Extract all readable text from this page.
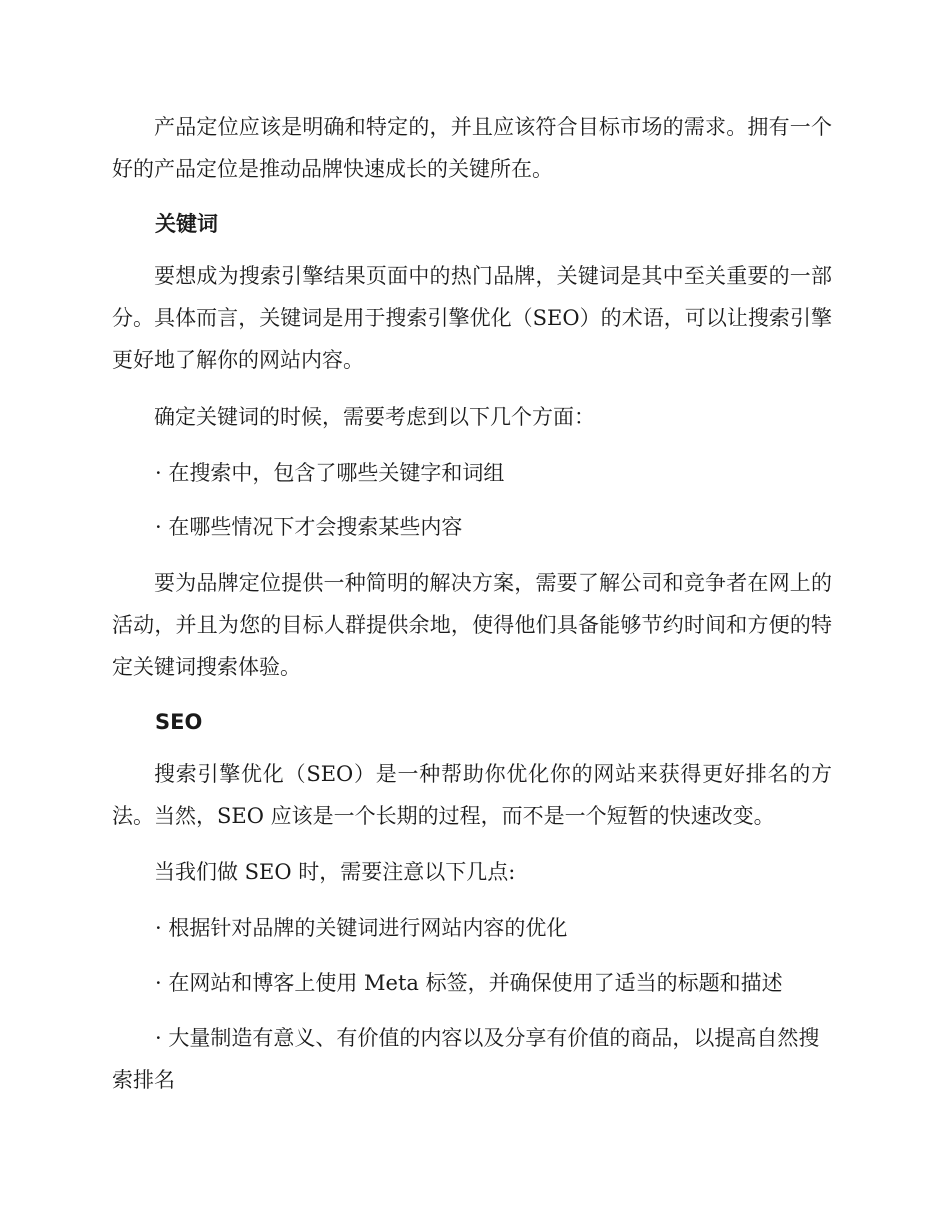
产品定位应该是明确和特定的，并且应该符合目标市场的需求。拥有一个好的产品定位是推动品牌快速成长的关键所在。

关键词

要想成为搜索引擎结果页面中的热门品牌，关键词是其中至关重要的一部分。具体而言，关键词是用于搜索引擎优化（SEO）的术语，可以让搜索引擎更好地了解你的网站内容。

确定关键词的时候，需要考虑到以下几个方面：

· 在搜索中，包含了哪些关键字和词组

· 在哪些情况下才会搜索某些内容

要为品牌定位提供一种简明的解决方案，需要了解公司和竞争者在网上的活动，并且为您的目标人群提供余地，使得他们具备能够节约时间和方便的特定关键词搜索体验。

SEO

搜索引擎优化（SEO）是一种帮助你优化你的网站来获得更好排名的方法。当然，SEO 应该是一个长期的过程，而不是一个短暂的快速改变。

当我们做 SEO 时，需要注意以下几点:

· 根据针对品牌的关键词进行网站内容的优化

· 在网站和博客上使用 Meta 标签，并确保使用了适当的标题和描述

· 大量制造有意义、有价值的内容以及分享有价值的商品，以提高自然搜索排名
